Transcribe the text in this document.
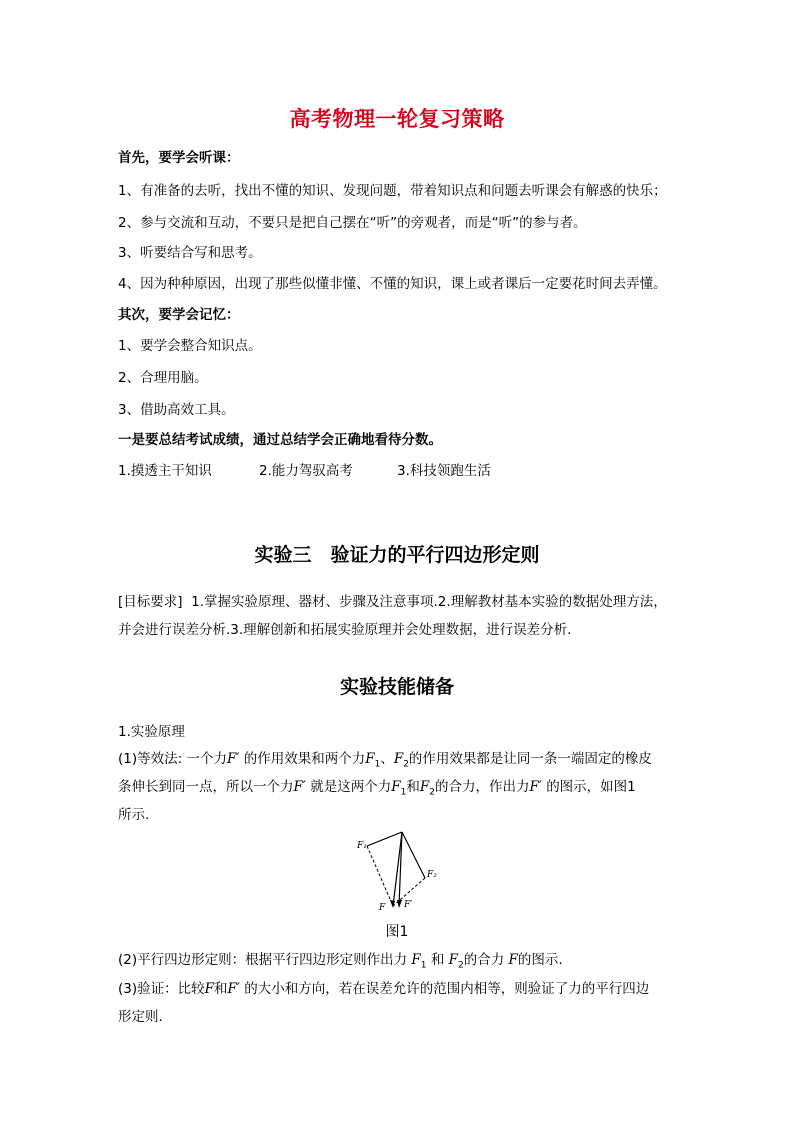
高考物理一轮复习策略
首先，要学会听课：
1、有准备的去听，找出不懂的知识、发现问题，带着知识点和问题去听课会有解惑的快乐；
2、参与交流和互动，不要只是把自己摆在“听”的旁观者，而是“听”的参与者。
3、听要结合写和思考。
4、因为种种原因，出现了那些似懂非懂、不懂的知识，课上或者课后一定要花时间去弄懂。
其次，要学会记忆：
1、要学会整合知识点。
2、合理用脑。
3、借助高效工具。
一是要总结考试成绩，通过总结学会正确地看待分数。
1.摸透主干知识	2.能力驾驭高考	3.科技领跑生活
实验三　验证力的平行四边形定则
[目标要求] 1.掌握实验原理、器材、步骤及注意事项.2.理解教材基本实验的数据处理方法，
并会进行误差分析.3.理解创新和拓展实验原理并会处理数据，进行误差分析.
实验技能储备
1.实验原理
(1)等效法: 一个力F′ 的作用效果和两个力$F_1$、$F_2$的作用效果都是让同一条一端固定的橡皮
条伸长到同一点，所以一个力F′ 就是这两个力$F_1$和$F_2$的合力，作出力F′ 的图示，如图1
所示.
F₁
F₂
F F′
图1
(2)平行四边形定则：根据平行四边形定则作出力 $F_1$ 和 $F_2$的合力 F的图示.
(3)验证：比较F和F′ 的大小和方向，若在误差允许的范围内相等，则验证了力的平行四边
形定则.
